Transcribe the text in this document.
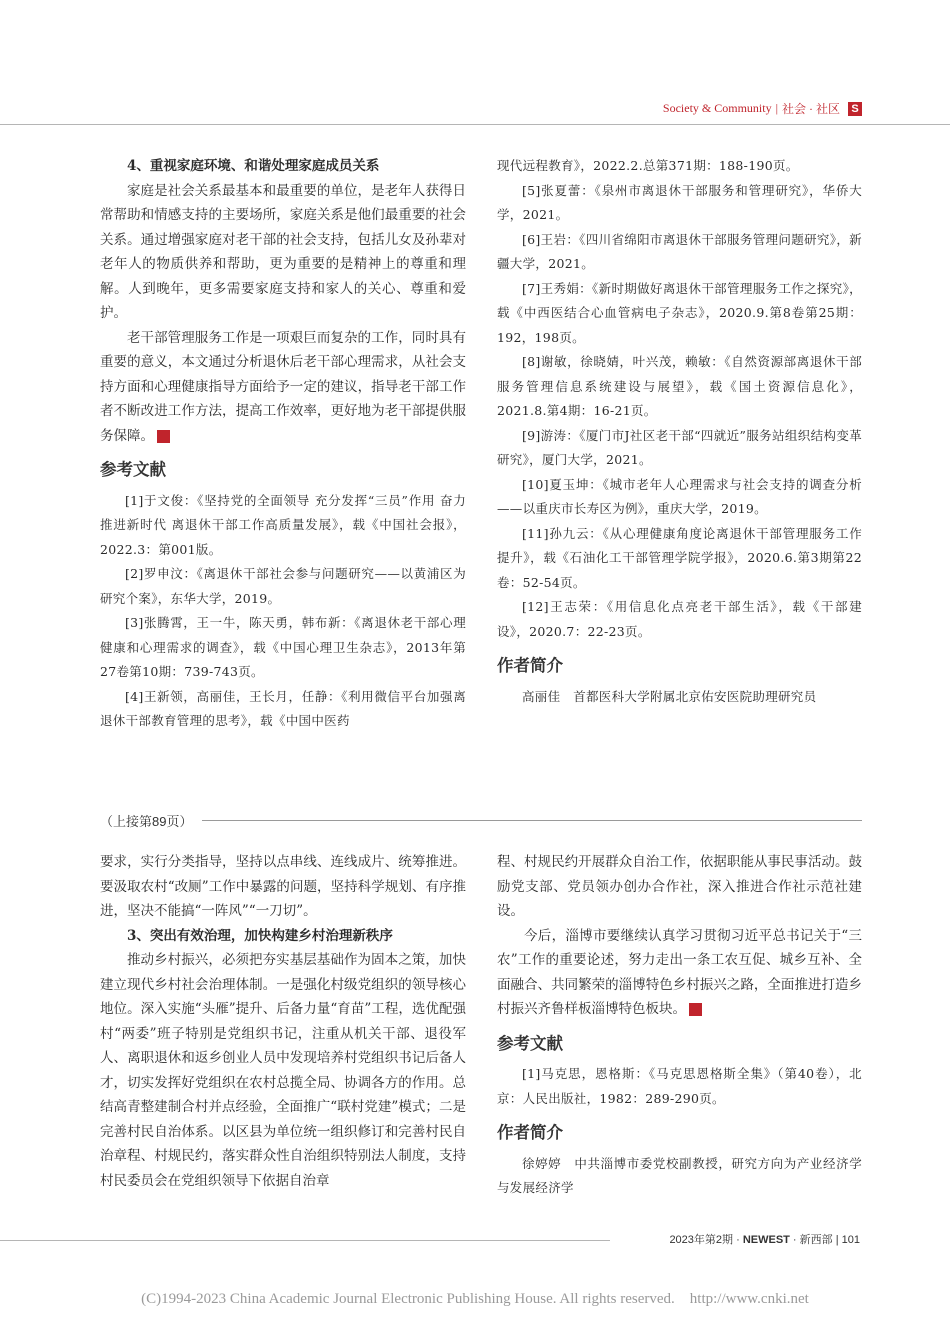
Society & Community | 社会 · 社区	S

4、重视家庭环境、和谐处理家庭成员关系

家庭是社会关系最基本和最重要的单位，是老年人获得日常帮助和情感支持的主要场所，家庭关系是他们最重要的社会关系。通过增强家庭对老干部的社会支持，包括儿女及孙辈对老年人的物质供养和帮助，更为重要的是精神上的尊重和理解。人到晚年，更多需要家庭支持和家人的关心、尊重和爱护。

老干部管理服务工作是一项艰巨而复杂的工作，同时具有重要的意义，本文通过分析退休后老干部心理需求，从社会支持方面和心理健康指导方面给予一定的建议，指导老干部工作者不断改进工作方法，提高工作效率，更好地为老干部提供服务保障。	乡

参考文献

[1]于文俊：《坚持党的全面领导 充分发挥“三员”作用 奋力推进新时代 离退休干部工作高质量发展》，载《中国社会报》，2022.3：第001版。

[2]罗申汶：《离退休干部社会参与问题研究——以黄浦区为研究个案》，东华大学，2019。

[3]张腾霄，王一牛，陈天勇，韩布新：《离退休老干部心理健康和心理需求的调查》，载《中国心理卫生杂志》，2013年第27卷第10期：739-743页。

[4]王新领，高丽佳，王长月，任静：《利用微信平台加强离退休干部教育管理的思考》，载《中国中医药

现代远程教育》，2022.2.总第371期：188-190页。

[5]张夏蕾：《泉州市离退休干部服务和管理研究》，华侨大学，2021。

[6]王岩：《四川省绵阳市离退休干部服务管理问题研究》，新疆大学，2021。

[7]王秀娟：《新时期做好离退休干部管理服务工作之探究》，载《中西医结合心血管病电子杂志》，2020.9.第8卷第25期：192，198页。

[8]谢敏，徐晓婧，叶兴茂，赖敏：《自然资源部离退休干部服务管理信息系统建设与展望》，载《国土资源信息化》，2021.8.第4期：16-21页。

[9]游涛：《厦门市J社区老干部“四就近”服务站组织结构变革研究》，厦门大学，2021。

[10]夏玉坤：《城市老年人心理需求与社会支持的调查分析——以重庆市长寿区为例》，重庆大学，2019。

[11]孙九云：《从心理健康角度论离退休干部管理服务工作提升》，载《石油化工干部管理学院学报》，2020.6.第3期第22卷：52-54页。

[12]王志荣：《用信息化点亮老干部生活》，载《干部建设》，2020.7：22-23页。

作者简介

高丽佳　首都医科大学附属北京佑安医院助理研究员

（上接第89页）

要求，实行分类指导，坚持以点串线、连线成片、统筹推进。要汲取农村“改厕”工作中暴露的问题，坚持科学规划、有序推进，坚决不能搞“一阵风”“一刀切”。

3、突出有效治理，加快构建乡村治理新秩序

推动乡村振兴，必须把夯实基层基础作为固本之策，加快建立现代乡村社会治理体制。一是强化村级党组织的领导核心地位。深入实施“头雁”提升、后备力量“育苗”工程，选优配强村“两委”班子特别是党组织书记，注重从机关干部、退役军人、离职退休和返乡创业人员中发现培养村党组织书记后备人才，切实发挥好党组织在农村总揽全局、协调各方的作用。总结高青整建制合村并点经验，全面推广“联村党建”模式；二是完善村民自治体系。以区县为单位统一组织修订和完善村民自治章程、村规民约，落实群众性自治组织特别法人制度，支持村民委员会在党组织领导下依据自治章

程、村规民约开展群众自治工作，依据职能从事民事活动。鼓励党支部、党员领办创办合作社，深入推进合作社示范社建设。

今后，淄博市要继续认真学习贯彻习近平总书记关于“三农”工作的重要论述，努力走出一条工农互促、城乡互补、全面融合、共同繁荣的淄博特色乡村振兴之路，全面推进打造乡村振兴齐鲁样板淄博特色板块。	乡

参考文献

[1]马克思，恩格斯：《马克思恩格斯全集》（第40卷），北京：人民出版社，1982：289-290页。

作者简介

徐婷婷　中共淄博市委党校副教授，研究方向为产业经济学与发展经济学

2023年第2期 · NEWEST · 新西部 | 101
(C)1994-2023 China Academic Journal Electronic Publishing House. All rights reserved.　http://www.cnki.net
